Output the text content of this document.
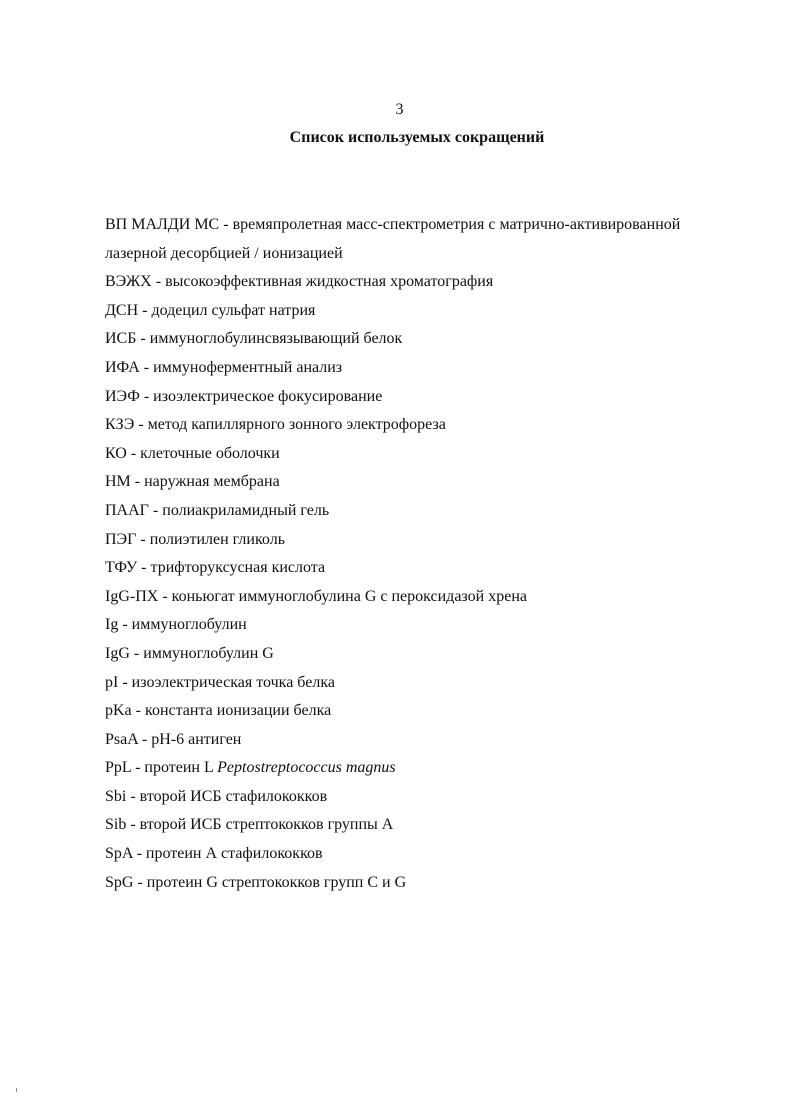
3
Список используемых сокращений
ВП МАЛДИ МС - времяпролетная масс-спектрометрия с матрично-активированной лазерной десорбцией / ионизацией
ВЭЖХ - высокоэффективная жидкостная хроматография
ДСН - додецил сульфат натрия
ИСБ - иммуноглобулинсвязывающий белок
ИФА - иммуноферментный анализ
ИЭФ - изоэлектрическое фокусирование
КЗЭ - метод капиллярного зонного электрофореза
КО - клеточные оболочки
НМ - наружная мембрана
ПААГ - полиакриламидный гель
ПЭГ - полиэтилен гликоль
ТФУ - трифторуксусная кислота
IgG-ПХ - коньюгат иммуноглобулина G с пероксидазой хрена
Ig - иммуноглобулин
IgG - иммуноглобулин G
pI - изоэлектрическая точка белка
pKa - константа ионизации белка
PsaA - pH-6 антиген
PpL - протеин L Peptostreptococcus magnus
Sbi - второй ИСБ стафилококков
Sib - второй ИСБ стрептококков группы А
SpA - протеин А стафилококков
SpG - протеин G стрептококков групп С и G
